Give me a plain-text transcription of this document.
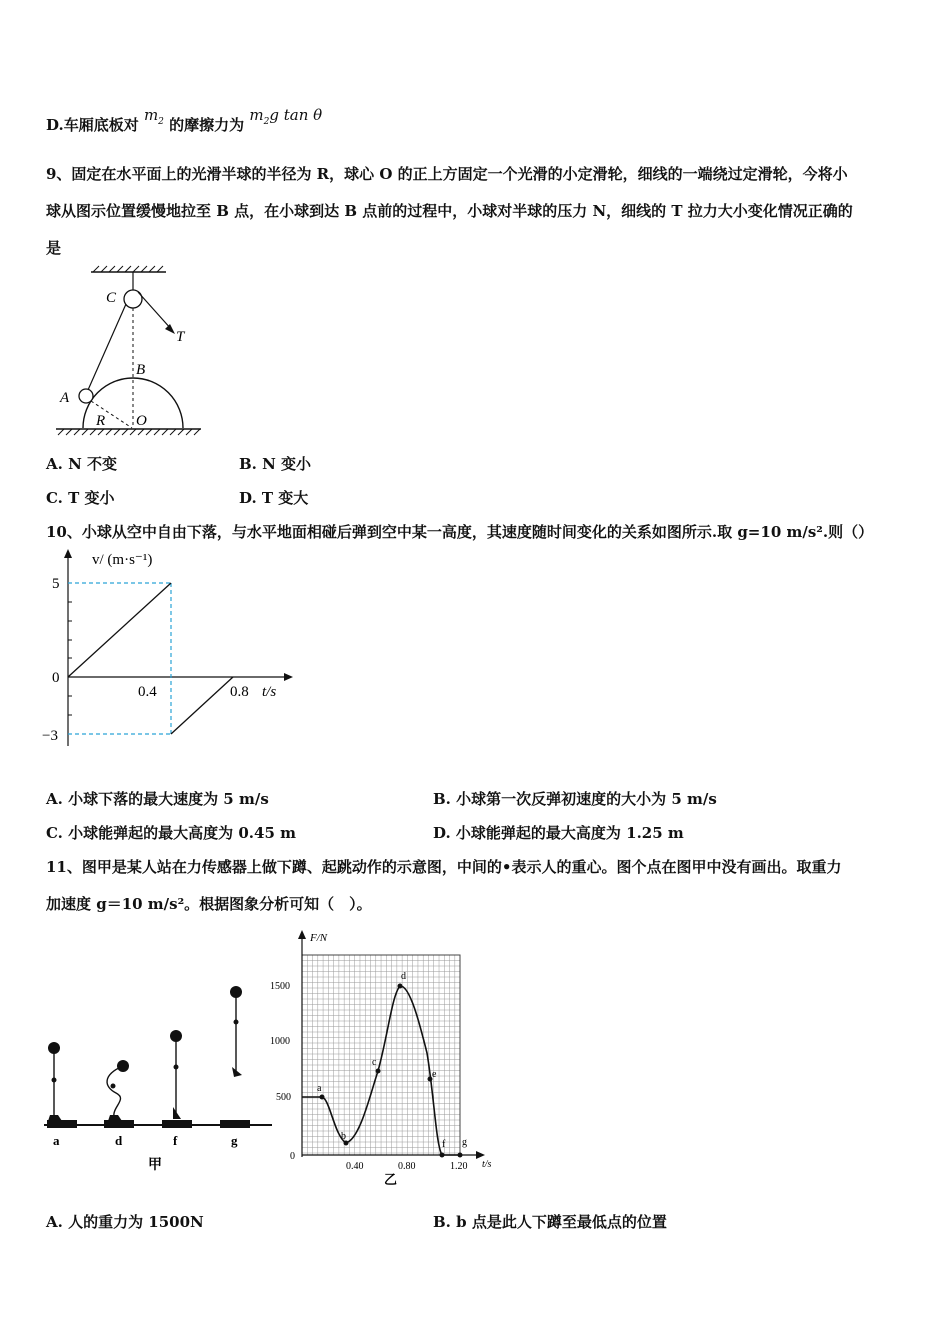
D.车厢底板对 $m_2$ 的摩擦力为 $m_2g$ tan θ
9、固定在水平面上的光滑半球的半径为 R，球心 O 的正上方固定一个光滑的小定滑轮，细线的一端绕过定滑轮，今将小
球从图示位置缓慢地拉至 B 点，在小球到达 B 点前的过程中，小球对半球的压力 N，细线的 T 拉力大小变化情况正确的
是
C
T
B
A
R O
A. N 不变	B. N 变小
C. T 变小	D. T 变大
10、小球从空中自由下落，与水平地面相碰后弹到空中某一高度，其速度随时间变化的关系如图所示.取 g=10 m/s².则（）
v/ (m·s⁻¹)
5
0
−3
0.4	0.8 t/s
A. 小球下落的最大速度为 5 m/s	B. 小球第一次反弹初速度的大小为 5 m/s
C. 小球能弹起的最大高度为 0.45 m	D. 小球能弹起的最大高度为 1.25 m
11、图甲是某人站在力传感器上做下蹲、起跳动作的示意图，中间的•表示人的重心。图个点在图甲中没有画出。取重力
加速度 g＝10 m/s²。根据图象分析可知（　）。
a	d	f	g
甲
F/N
1500
1000
500
0
0.40	0.80	1.20 t/s
a
b
c
d
e
f g
乙
A. 人的重力为 1500N	B. b 点是此人下蹲至最低点的位置
